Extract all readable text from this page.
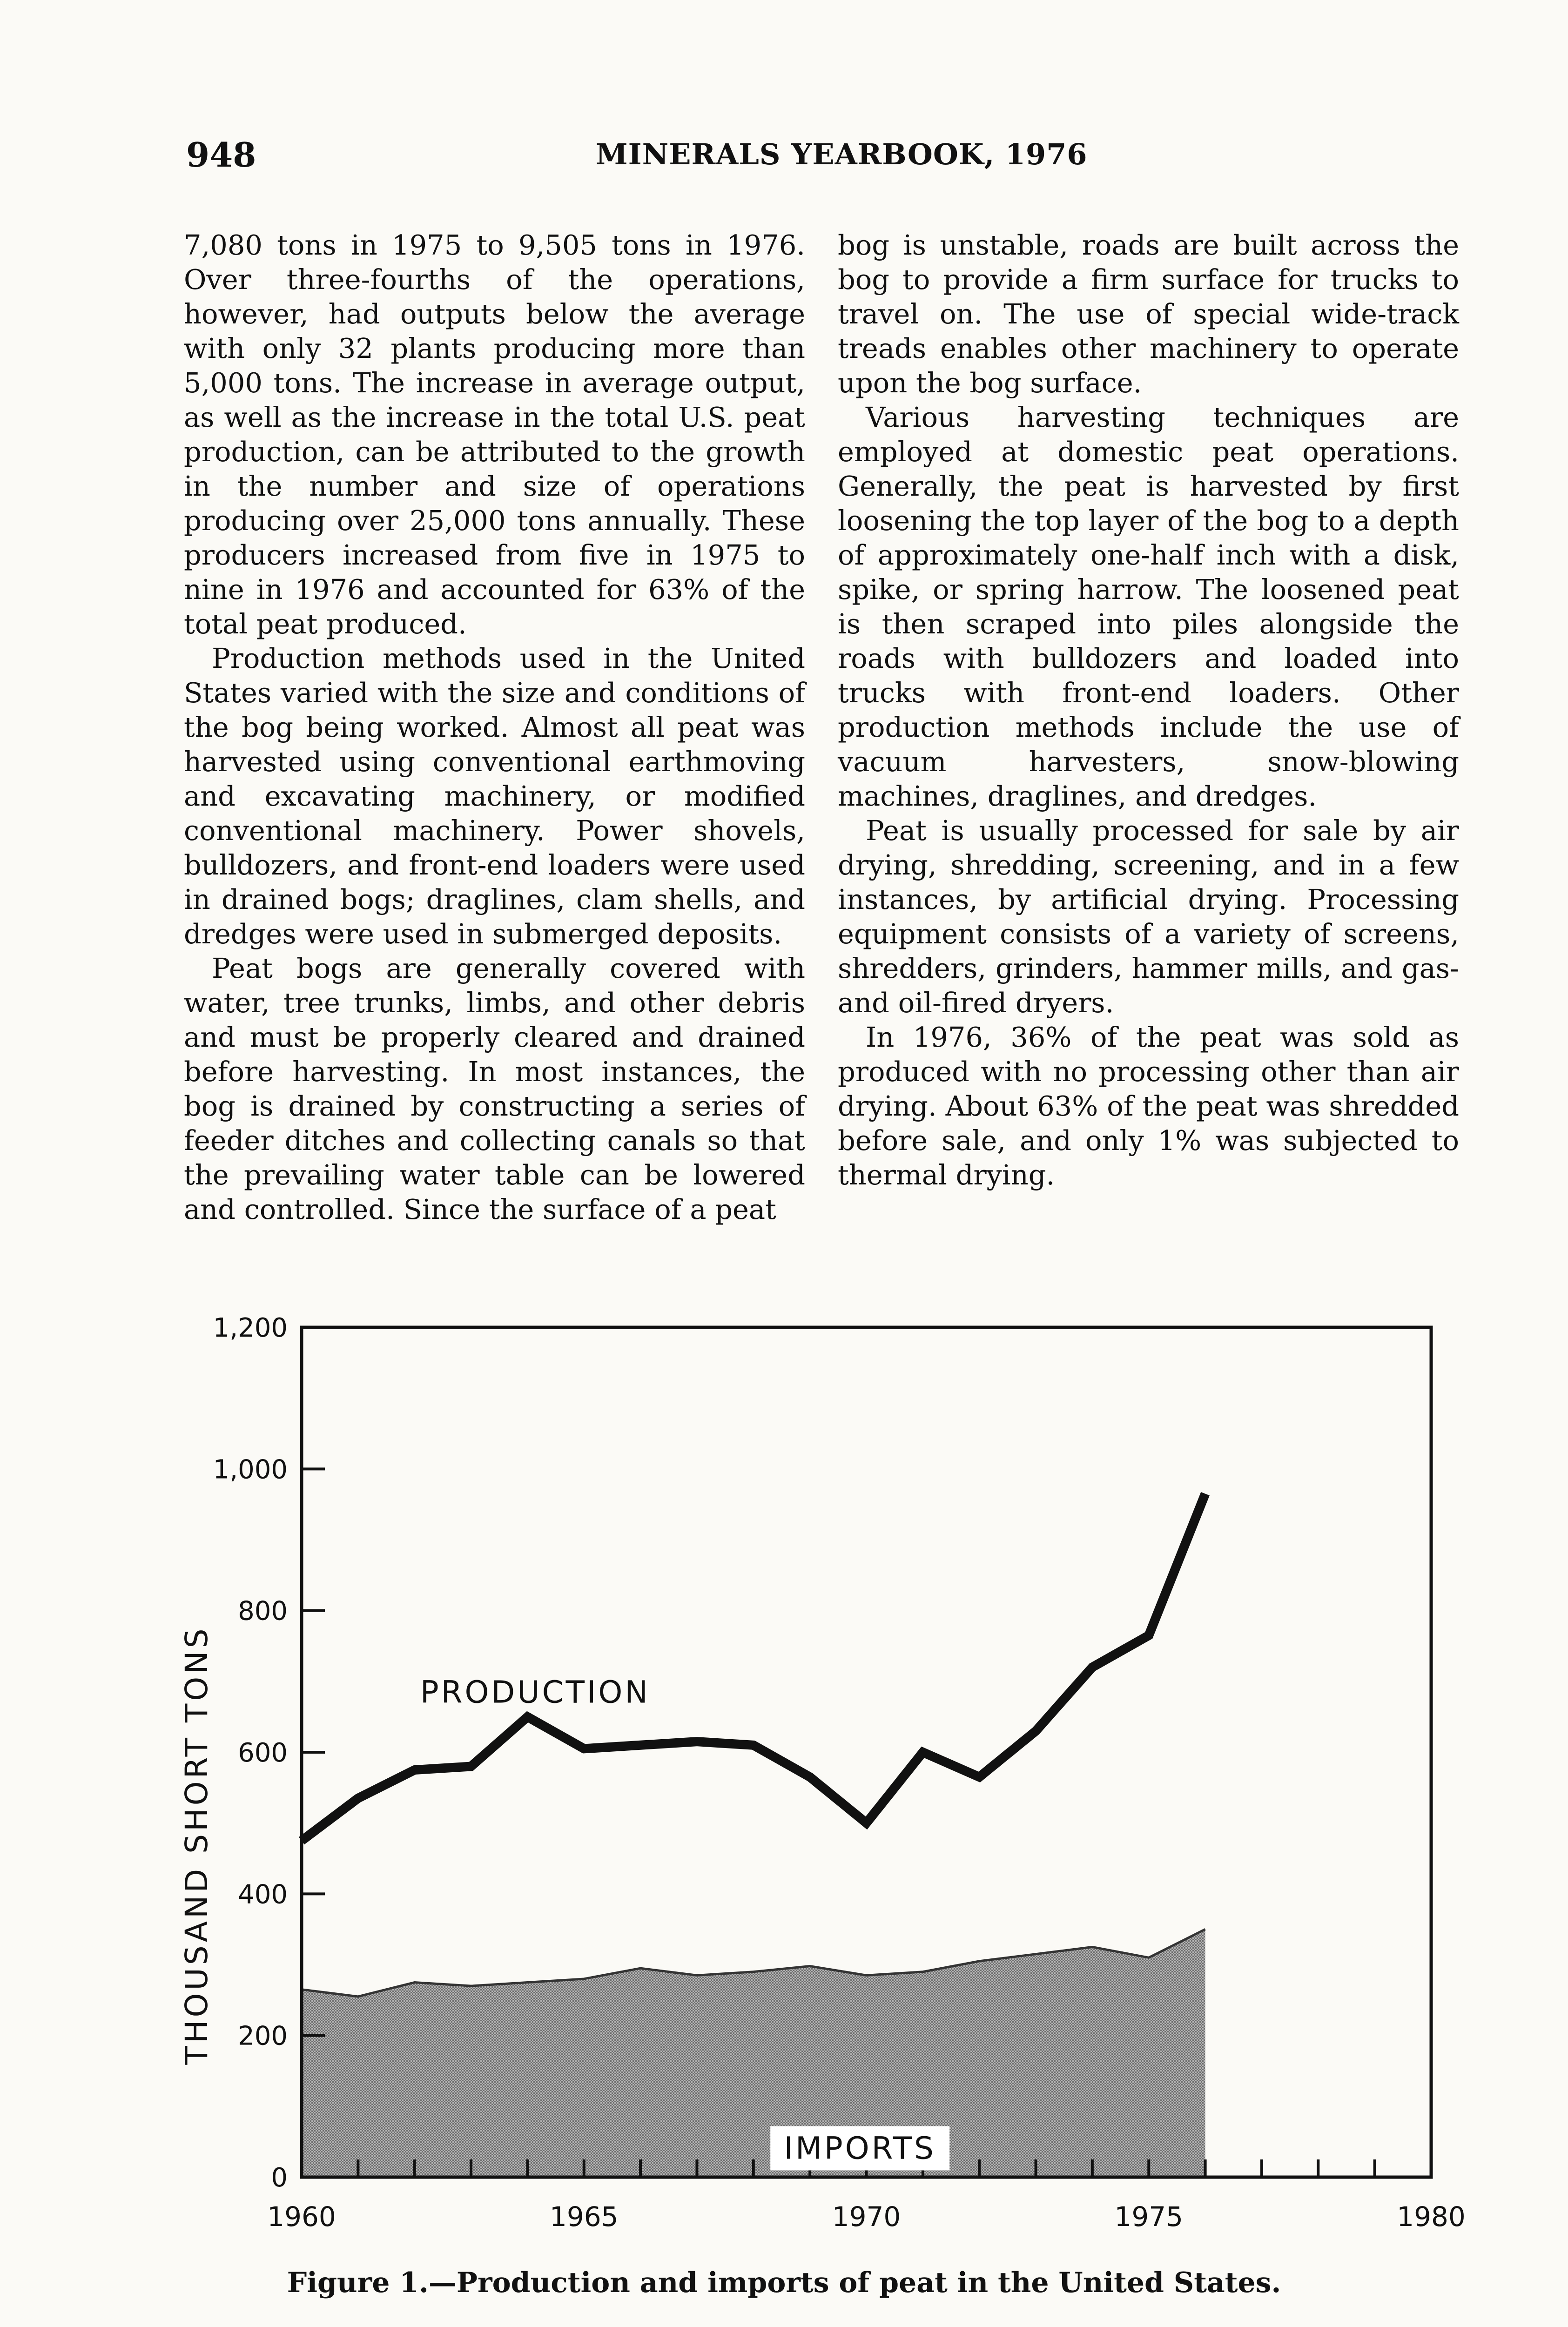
948	MINERALS YEARBOOK, 1976

7,080 tons in 1975 to 9,505 tons in 1976. Over three-fourths of the operations, however, had outputs below the average with only 32 plants producing more than 5,000 tons. The increase in average output, as well as the increase in the total U.S. peat production, can be attributed to the growth in the number and size of operations producing over 25,000 tons annually. These producers increased from five in 1975 to nine in 1976 and accounted for 63% of the total peat produced.

Production methods used in the United States varied with the size and conditions of the bog being worked. Almost all peat was harvested using conventional earthmoving and excavating machinery, or modified conventional machinery. Power shovels, bulldozers, and front-end loaders were used in drained bogs; draglines, clam shells, and dredges were used in submerged deposits.

Peat bogs are generally covered with water, tree trunks, limbs, and other debris and must be properly cleared and drained before harvesting. In most instances, the bog is drained by constructing a series of feeder ditches and collecting canals so that the prevailing water table can be lowered and controlled. Since the surface of a peat

bog is unstable, roads are built across the bog to provide a firm surface for trucks to travel on. The use of special wide-track treads enables other machinery to operate upon the bog surface.

Various harvesting techniques are employed at domestic peat operations. Generally, the peat is harvested by first loosening the top layer of the bog to a depth of approximately one-half inch with a disk, spike, or spring harrow. The loosened peat is then scraped into piles alongside the roads with bulldozers and loaded into trucks with front-end loaders. Other production methods include the use of vacuum harvesters, snow-blowing machines, draglines, and dredges.

Peat is usually processed for sale by air drying, shredding, screening, and in a few instances, by artificial drying. Processing equipment consists of a variety of screens, shredders, grinders, hammer mills, and gas- and oil-fired dryers.

In 1976, 36% of the peat was sold as produced with no processing other than air drying. About 63% of the peat was shredded before sale, and only 1% was subjected to thermal drying.

0
200
400
600
800
1,000
1,200
1960	1965	1970	1975	1980
THOUSAND SHORT TONS	PRODUCTION
IMPORTS
Figure 1.—Production and imports of peat in the United States.
